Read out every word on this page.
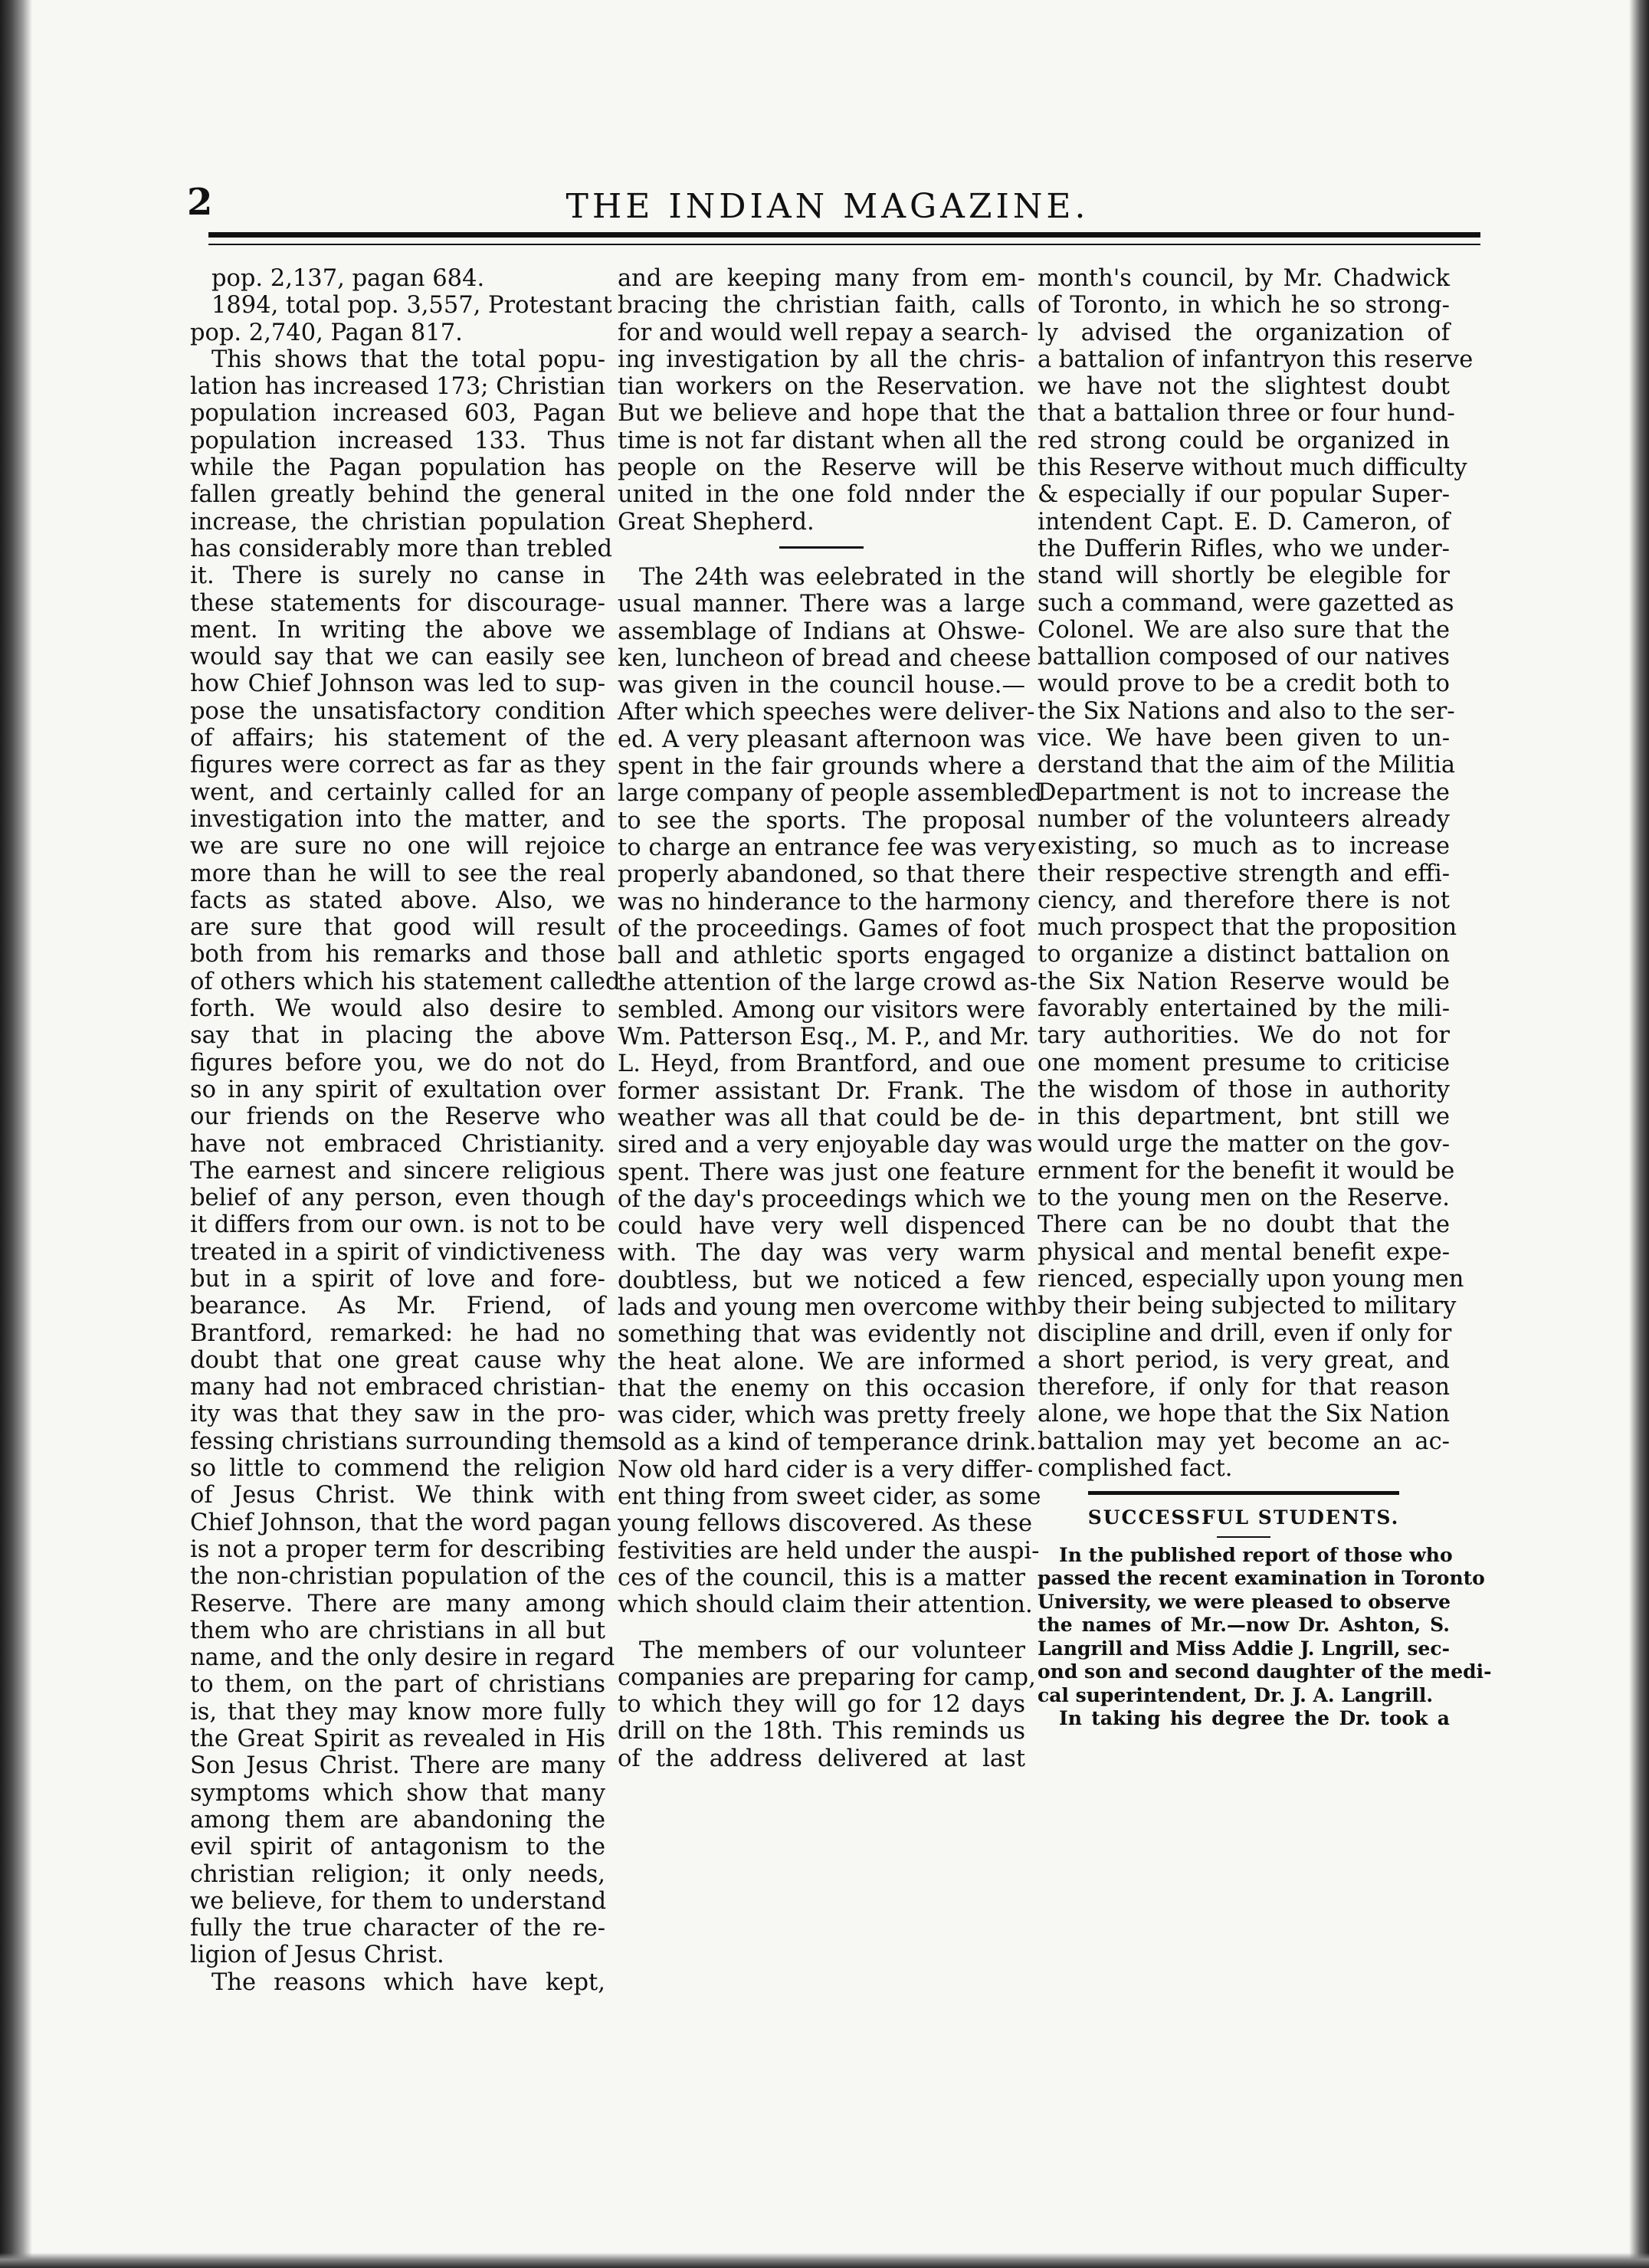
2	THE INDIAN MAGAZINE.
pop. 2,137, pagan 684.
1894, total pop. 3,557, Protestant
pop. 2,740, Pagan 817.
This shows that the total popu-
lation has increased 173; Christian
population increased 603, Pagan
population increased 133. Thus
while the Pagan population has
fallen greatly behind the general
increase, the christian population
has considerably more than trebled
it. There is surely no canse in
these statements for discourage-
ment. In writing the above we
would say that we can easily see
how Chief Johnson was led to sup-
pose the unsatisfactory condition
of affairs; his statement of the
figures were correct as far as they
went, and certainly called for an
investigation into the matter, and
we are sure no one will rejoice
more than he will to see the real
facts as stated above. Also, we
are sure that good will result
both from his remarks and those
of others which his statement called
forth. We would also desire to
say that in placing the above
figures before you, we do not do
so in any spirit of exultation over
our friends on the Reserve who
have not embraced Christianity.
The earnest and sincere religious
belief of any person, even though
it differs from our own. is not to be
treated in a spirit of vindictiveness
but in a spirit of love and fore-
bearance. As Mr. Friend, of
Brantford, remarked: he had no
doubt that one great cause why
many had not embraced christian-
ity was that they saw in the pro-
fessing christians surrounding them
so little to commend the religion
of Jesus Christ. We think with
Chief Johnson, that the word pagan
is not a proper term for describing
the non-christian population of the
Reserve. There are many among
them who are christians in all but
name, and the only desire in regard
to them, on the part of christians
is, that they may know more fully
the Great Spirit as revealed in His
Son Jesus Christ. There are many
symptoms which show that many
among them are abandoning the
evil spirit of antagonism to the
christian religion; it only needs,
we believe, for them to understand
fully the true character of the re-
ligion of Jesus Christ.
The reasons which have kept,
and are keeping many from em-
bracing the christian faith, calls
for and would well repay a search-
ing investigation by all the chris-
tian workers on the Reservation.
But we believe and hope that the
time is not far distant when all the
people on the Reserve will be
united in the one fold nnder the
Great Shepherd.
The 24th was eelebrated in the
usual manner. There was a large
assemblage of Indians at Ohswe-
ken, luncheon of bread and cheese
was given in the council house.—
After which speeches were deliver-
ed. A very pleasant afternoon was
spent in the fair grounds where a
large company of people assembled
to see the sports. The proposal
to charge an entrance fee was very
properly abandoned, so that there
was no hinderance to the harmony
of the proceedings. Games of foot
ball and athletic sports engaged
the attention of the large crowd as-
sembled. Among our visitors were
Wm. Patterson Esq., M. P., and Mr.
L. Heyd, from Brantford, and oue
former assistant Dr. Frank. The
weather was all that could be de-
sired and a very enjoyable day was
spent. There was just one feature
of the day's proceedings which we
could have very well dispenced
with. The day was very warm
doubtless, but we noticed a few
lads and young men overcome with
something that was evidently not
the heat alone. We are informed
that the enemy on this occasion
was cider, which was pretty freely
sold as a kind of temperance drink.
Now old hard cider is a very differ-
ent thing from sweet cider, as some
young fellows discovered. As these
festivities are held under the auspi-
ces of the council, this is a matter
which should claim their attention.
The members of our volunteer
companies are preparing for camp,
to which they will go for 12 days
drill on the 18th. This reminds us
of the address delivered at last
month's council, by Mr. Chadwick
of Toronto, in which he so strong-
ly advised the organization of
a battalion of infantryon this reserve
we have not the slightest doubt
that a battalion three or four hund-
red strong could be organized in
this Reserve without much difficulty
& especially if our popular Super-
intendent Capt. E. D. Cameron, of
the Dufferin Rifles, who we under-
stand will shortly be elegible for
such a command, were gazetted as
Colonel. We are also sure that the
battallion composed of our natives
would prove to be a credit both to
the Six Nations and also to the ser-
vice. We have been given to un-
derstand that the aim of the Militia
Department is not to increase the
number of the volunteers already
existing, so much as to increase
their respective strength and effi-
ciency, and therefore there is not
much prospect that the proposition
to organize a distinct battalion on
the Six Nation Reserve would be
favorably entertained by the mili-
tary authorities. We do not for
one moment presume to criticise
the wisdom of those in authority
in this department, bnt still we
would urge the matter on the gov-
ernment for the benefit it would be
to the young men on the Reserve.
There can be no doubt that the
physical and mental benefit expe-
rienced, especially upon young men
by their being subjected to military
discipline and drill, even if only for
a short period, is very great, and
therefore, if only for that reason
alone, we hope that the Six Nation
battalion may yet become an ac-
complished fact.
SUCCESSFUL STUDENTS.
In the published report of those who
passed the recent examination in Toronto
University, we were pleased to observe
the names of Mr.—now Dr. Ashton, S.
Langrill and Miss Addie J. Lngrill, sec-
ond son and second daughter of the medi-
cal superintendent, Dr. J. A. Langrill.
In taking his degree the Dr. took a
